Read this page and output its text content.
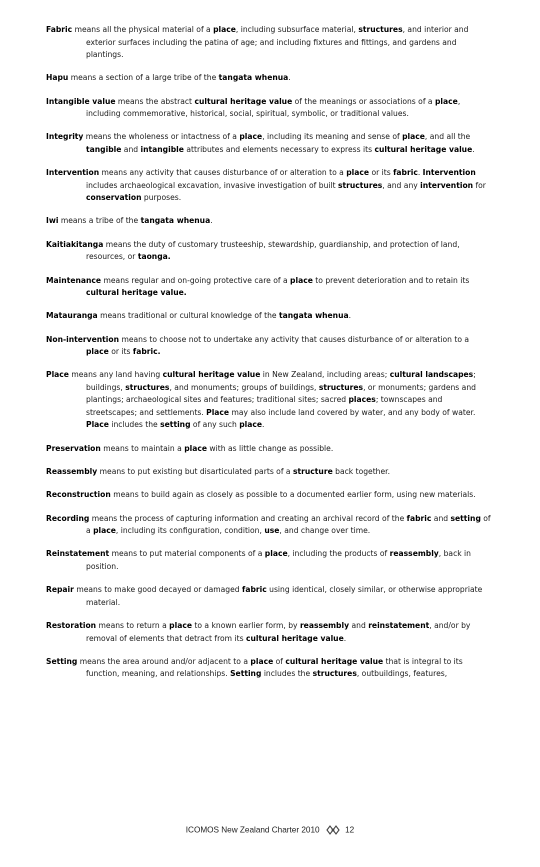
Fabric means all the physical material of a place, including subsurface material, structures, and interior and exterior surfaces including the patina of age; and including fixtures and fittings, and gardens and plantings.

Hapu means a section of a large tribe of the tangata whenua.

Intangible value means the abstract cultural heritage value of the meanings or associations of a place, including commemorative, historical, social, spiritual, symbolic, or traditional values.

Integrity means the wholeness or intactness of a place, including its meaning and sense of place, and all the tangible and intangible attributes and elements necessary to express its cultural heritage value.

Intervention means any activity that causes disturbance of or alteration to a place or its fabric. Intervention includes archaeological excavation, invasive investigation of built structures, and any intervention for conservation purposes.

Iwi means a tribe of the tangata whenua.

Kaitiakitanga means the duty of customary trusteeship, stewardship, guardianship, and protection of land, resources, or taonga.

Maintenance means regular and on-going protective care of a place to prevent deterioration and to retain its cultural heritage value.

Matauranga means traditional or cultural knowledge of the tangata whenua.

Non-intervention means to choose not to undertake any activity that causes disturbance of or alteration to a place or its fabric.

Place means any land having cultural heritage value in New Zealand, including areas; cultural landscapes; buildings, structures, and monuments; groups of buildings, structures, or monuments; gardens and plantings; archaeological sites and features; traditional sites; sacred places; townscapes and streetscapes; and settlements. Place may also include land covered by water, and any body of water. Place includes the setting of any such place.

Preservation means to maintain a place with as little change as possible.

Reassembly means to put existing but disarticulated parts of a structure back together.

Reconstruction means to build again as closely as possible to a documented earlier form, using new materials.

Recording means the process of capturing information and creating an archival record of the fabric and setting of a place, including its configuration, condition, use, and change over time.

Reinstatement means to put material components of a place, including the products of reassembly, back in position.

Repair means to make good decayed or damaged fabric using identical, closely similar, or otherwise appropriate material.

Restoration means to return a place to a known earlier form, by reassembly and reinstatement, and/or by removal of elements that detract from its cultural heritage value.

Setting means the area around and/or adjacent to a place of cultural heritage value that is integral to its function, meaning, and relationships. Setting includes the structures, outbuildings, features,

ICOMOS New Zealand Charter 2010	12
